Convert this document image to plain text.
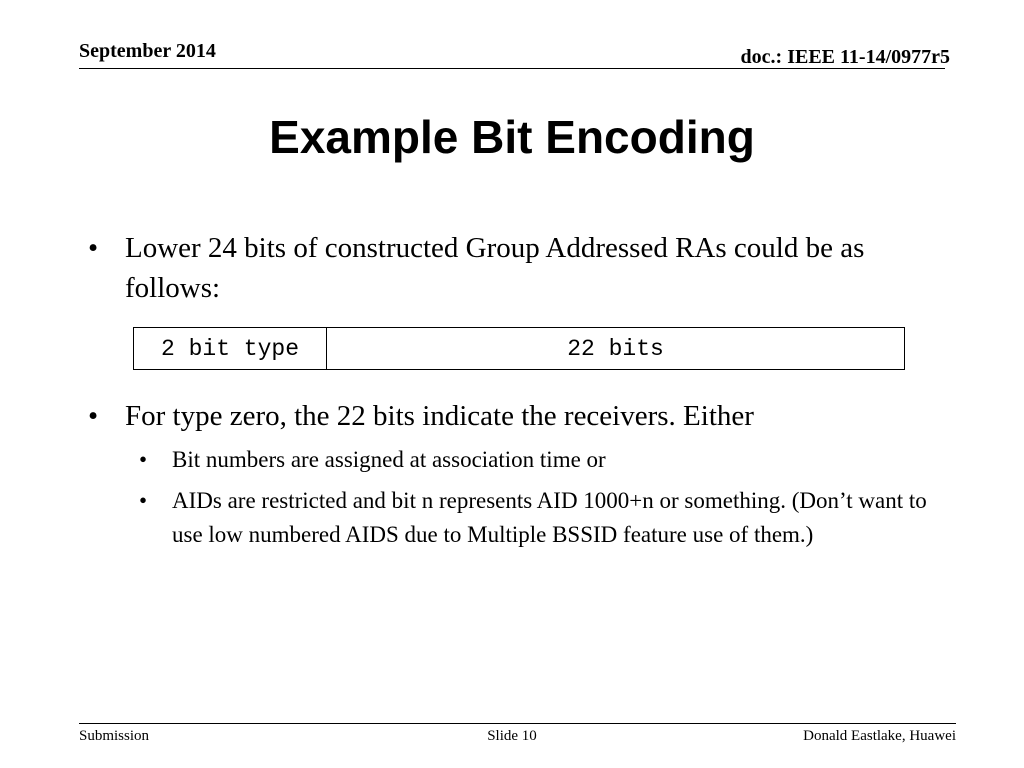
September 2014	doc.: IEEE 11-14/0977r5
Example Bit Encoding
• Lower 24 bits of constructed Group Addressed RAs could be as follows:
2 bit type	22 bits
• For type zero, the 22 bits indicate the receivers. Either
• Bit numbers are assigned at association time or
• AIDs are restricted and bit n represents AID 1000+n or something. (Don’t want to use low numbered AIDS due to Multiple BSSID feature use of them.)
Submission	Slide 10	Donald Eastlake, Huawei
